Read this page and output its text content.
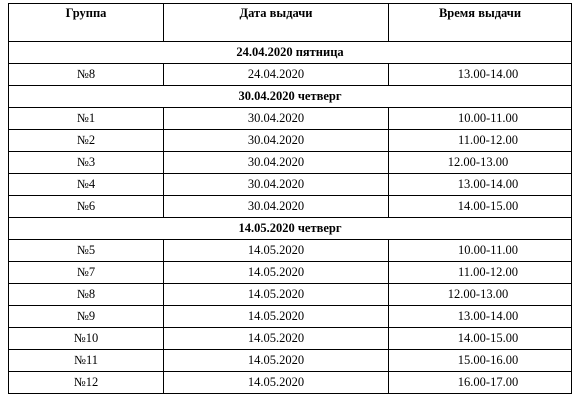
Группа	Дата выдачи	Время выдачи
24.04.2020 пятница		
№8	24.04.2020	13.00-14.00
30.04.2020 четверг		
№1	30.04.2020	10.00-11.00
№2	30.04.2020	11.00-12.00
№3	30.04.2020	12.00-13.00
№4	30.04.2020	13.00-14.00
№6	30.04.2020	14.00-15.00
14.05.2020 четверг		
№5	14.05.2020	10.00-11.00
№7	14.05.2020	11.00-12.00
№8	14.05.2020	12.00-13.00
№9	14.05.2020	13.00-14.00
№10	14.05.2020	14.00-15.00
№11	14.05.2020	15.00-16.00
№12	14.05.2020	16.00-17.00
